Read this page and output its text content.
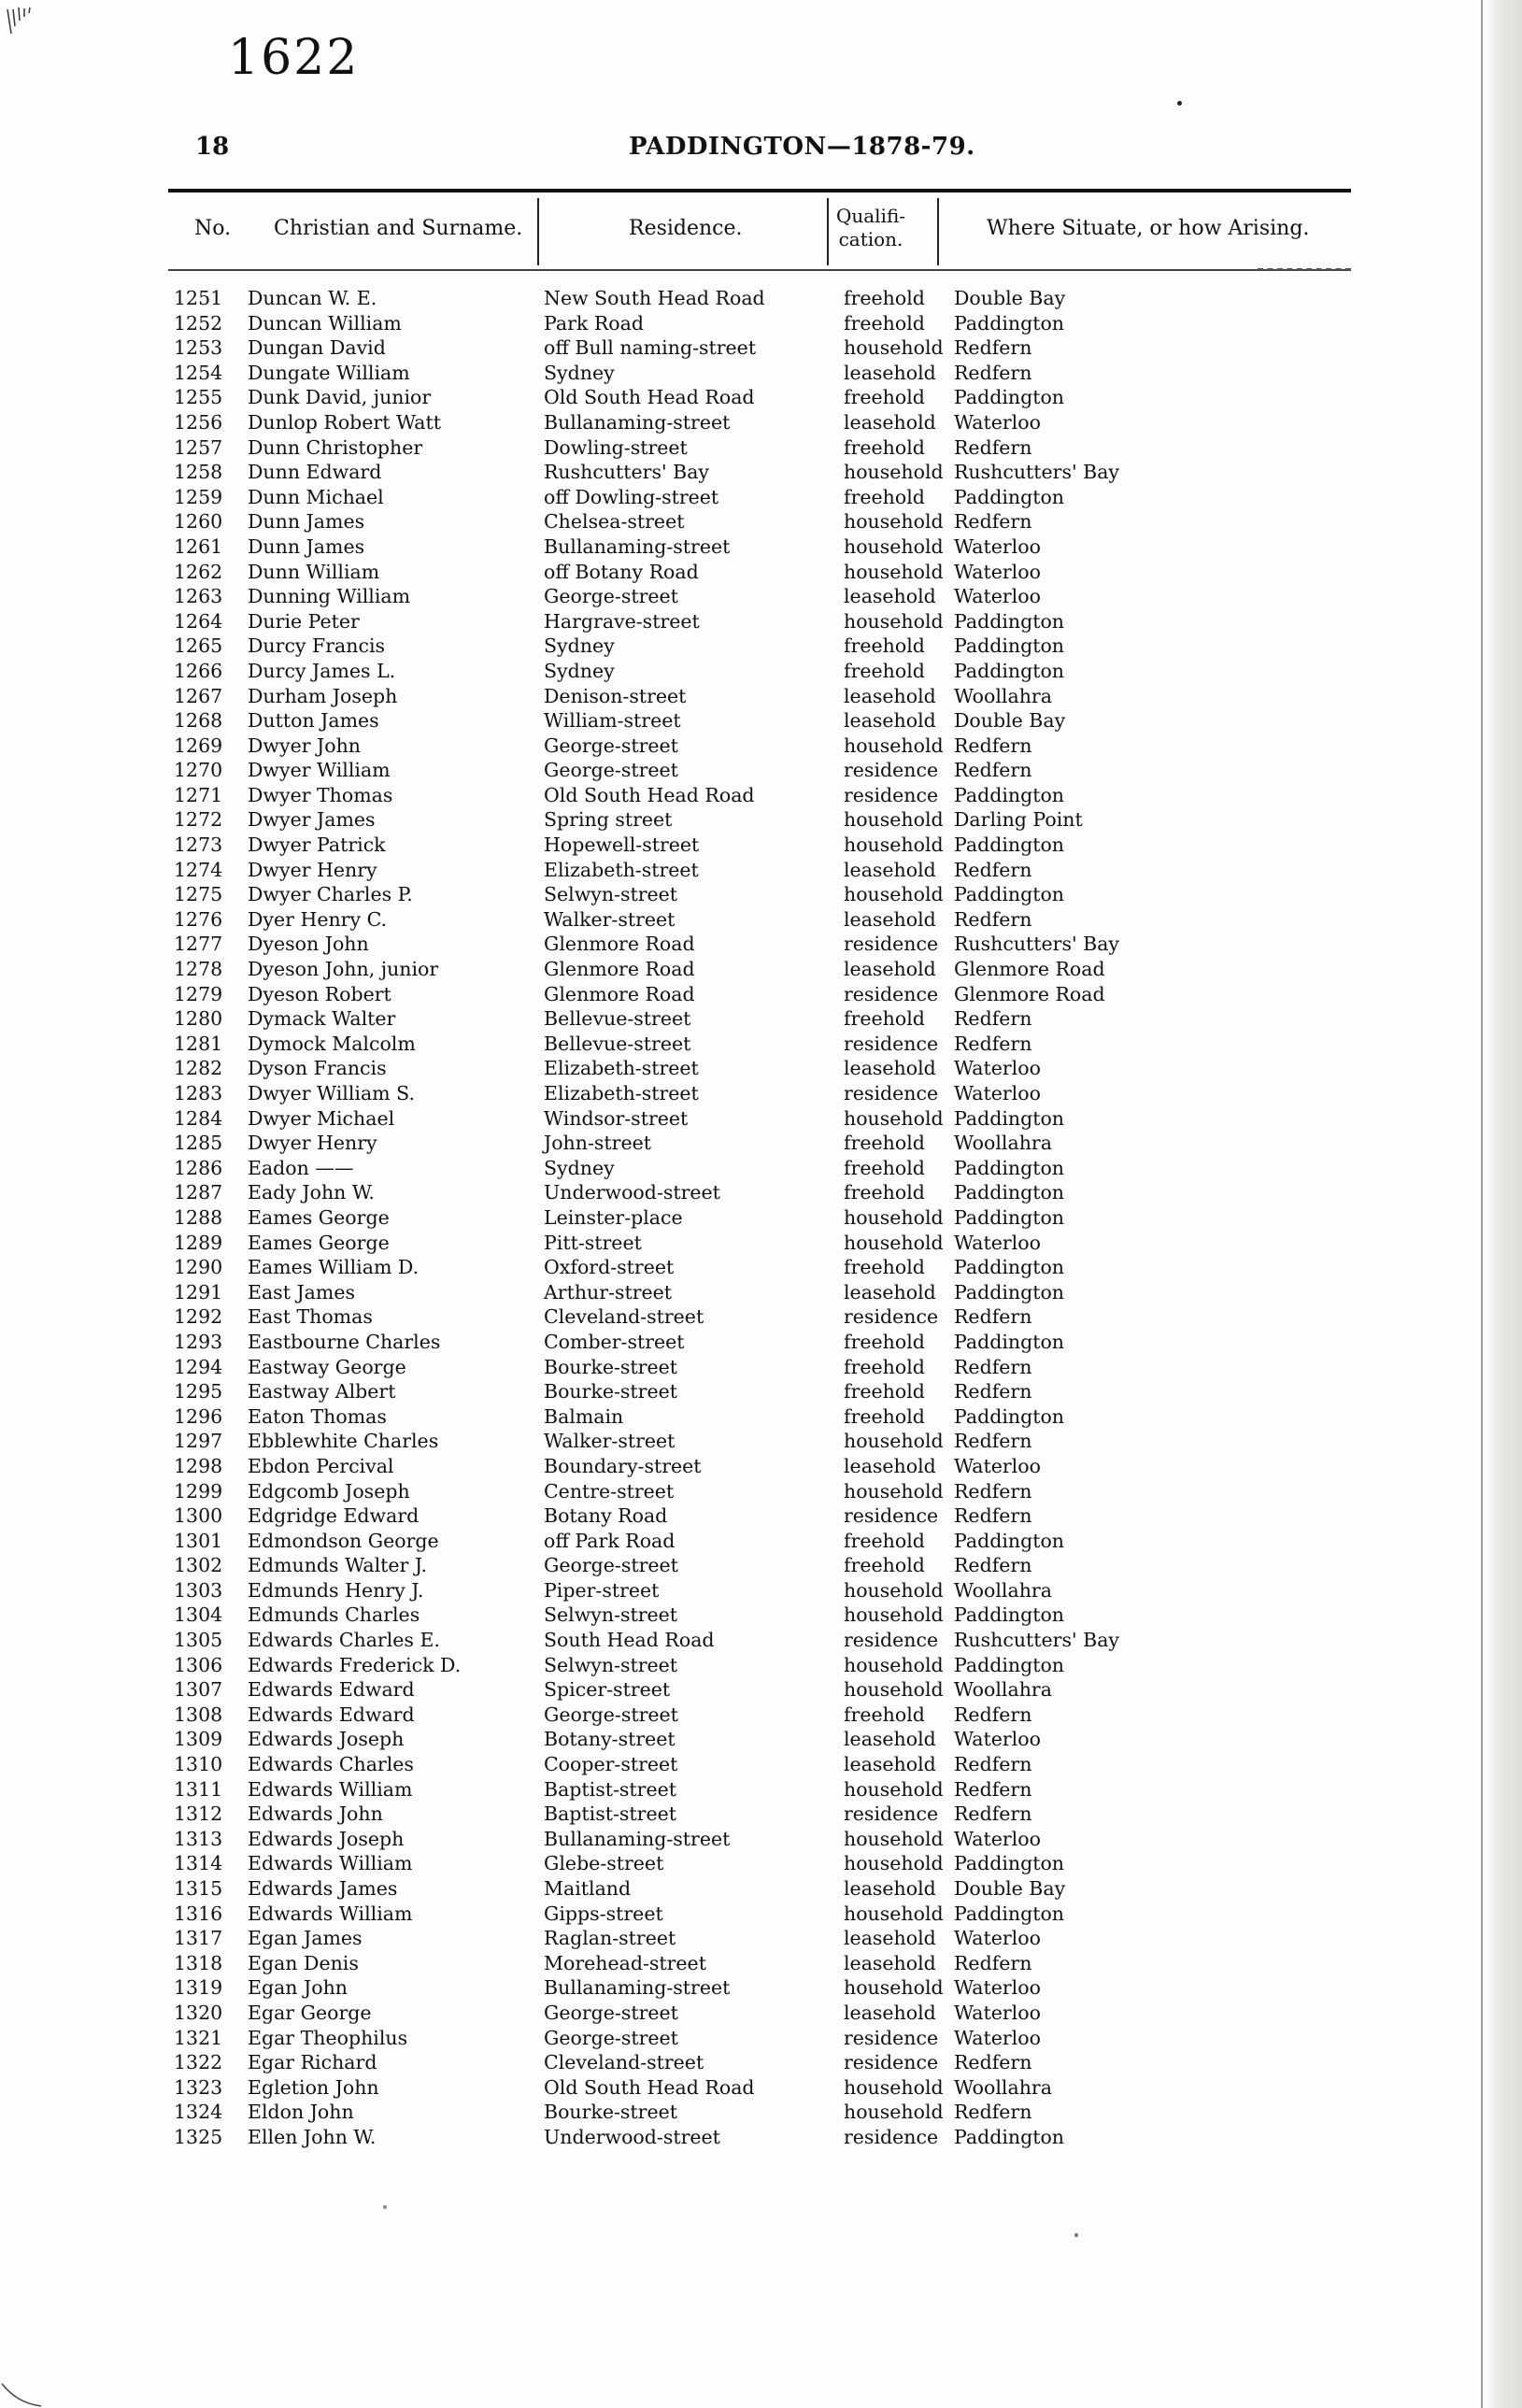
1622
18	PADDINGTON—1878-79.
No. Christian and Surname.	Residence.
Qualifi-
cation.	Where Situate, or how Arising.
1251 Duncan W. E.	New South Head Road	freehold Double Bay
1252 Duncan William	Park Road	freehold Paddington
1253 Dungan David	off Bull naming-street	household Redfern
1254 Dungate William	Sydney	leasehold Redfern
1255 Dunk David, junior	Old South Head Road	freehold Paddington
1256 Dunlop Robert Watt	Bullanaming-street	leasehold Waterloo
1257 Dunn Christopher	Dowling-street	freehold Redfern
1258 Dunn Edward	Rushcutters' Bay	household Rushcutters' Bay
1259 Dunn Michael	off Dowling-street	freehold Paddington
1260 Dunn James	Chelsea-street	household Redfern
1261 Dunn James	Bullanaming-street	household Waterloo
1262 Dunn William	off Botany Road	household Waterloo
1263 Dunning William	George-street	leasehold Waterloo
1264 Durie Peter	Hargrave-street	household Paddington
1265 Durcy Francis	Sydney	freehold Paddington
1266 Durcy James L.	Sydney	freehold Paddington
1267 Durham Joseph	Denison-street	leasehold Woollahra
1268 Dutton James	William-street	leasehold Double Bay
1269 Dwyer John	George-street	household Redfern
1270 Dwyer William	George-street	residence Redfern
1271 Dwyer Thomas	Old South Head Road	residence Paddington
1272 Dwyer James	Spring street	household Darling Point
1273 Dwyer Patrick	Hopewell-street	household Paddington
1274 Dwyer Henry	Elizabeth-street	leasehold Redfern
1275 Dwyer Charles P.	Selwyn-street	household Paddington
1276 Dyer Henry C.	Walker-street	leasehold Redfern
1277 Dyeson John	Glenmore Road	residence Rushcutters' Bay
1278 Dyeson John, junior	Glenmore Road	leasehold Glenmore Road
1279 Dyeson Robert	Glenmore Road	residence Glenmore Road
1280 Dymack Walter	Bellevue-street	freehold Redfern
1281 Dymock Malcolm	Bellevue-street	residence Redfern
1282 Dyson Francis	Elizabeth-street	leasehold Waterloo
1283 Dwyer William S.	Elizabeth-street	residence Waterloo
1284 Dwyer Michael	Windsor-street	household Paddington
1285 Dwyer Henry	John-street	freehold Woollahra
1286 Eadon ——	Sydney	freehold Paddington
1287 Eady John W.	Underwood-street	freehold Paddington
1288 Eames George	Leinster-place	household Paddington
1289 Eames George	Pitt-street	household Waterloo
1290 Eames William D.	Oxford-street	freehold Paddington
1291 East James	Arthur-street	leasehold Paddington
1292 East Thomas	Cleveland-street	residence Redfern
1293 Eastbourne Charles	Comber-street	freehold Paddington
1294 Eastway George	Bourke-street	freehold Redfern
1295 Eastway Albert	Bourke-street	freehold Redfern
1296 Eaton Thomas	Balmain	freehold Paddington
1297 Ebblewhite Charles	Walker-street	household Redfern
1298 Ebdon Percival	Boundary-street	leasehold Waterloo
1299 Edgcomb Joseph	Centre-street	household Redfern
1300 Edgridge Edward	Botany Road	residence Redfern
1301 Edmondson George	off Park Road	freehold Paddington
1302 Edmunds Walter J.	George-street	freehold Redfern
1303 Edmunds Henry J.	Piper-street	household Woollahra
1304 Edmunds Charles	Selwyn-street	household Paddington
1305 Edwards Charles E.	South Head Road	residence Rushcutters' Bay
1306 Edwards Frederick D.	Selwyn-street	household Paddington
1307 Edwards Edward	Spicer-street	household Woollahra
1308 Edwards Edward	George-street	freehold Redfern
1309 Edwards Joseph	Botany-street	leasehold Waterloo
1310 Edwards Charles	Cooper-street	leasehold Redfern
1311 Edwards William	Baptist-street	household Redfern
1312 Edwards John	Baptist-street	residence Redfern
1313 Edwards Joseph	Bullanaming-street	household Waterloo
1314 Edwards William	Glebe-street	household Paddington
1315 Edwards James	Maitland	leasehold Double Bay
1316 Edwards William	Gipps-street	household Paddington
1317 Egan James	Raglan-street	leasehold Waterloo
1318 Egan Denis	Morehead-street	leasehold Redfern
1319 Egan John	Bullanaming-street	household Waterloo
1320 Egar George	George-street	leasehold Waterloo
1321 Egar Theophilus	George-street	residence Waterloo
1322 Egar Richard	Cleveland-street	residence Redfern
1323 Egletion John	Old South Head Road	household Woollahra
1324 Eldon John	Bourke-street	household Redfern
1325 Ellen John W.	Underwood-street	residence Paddington
